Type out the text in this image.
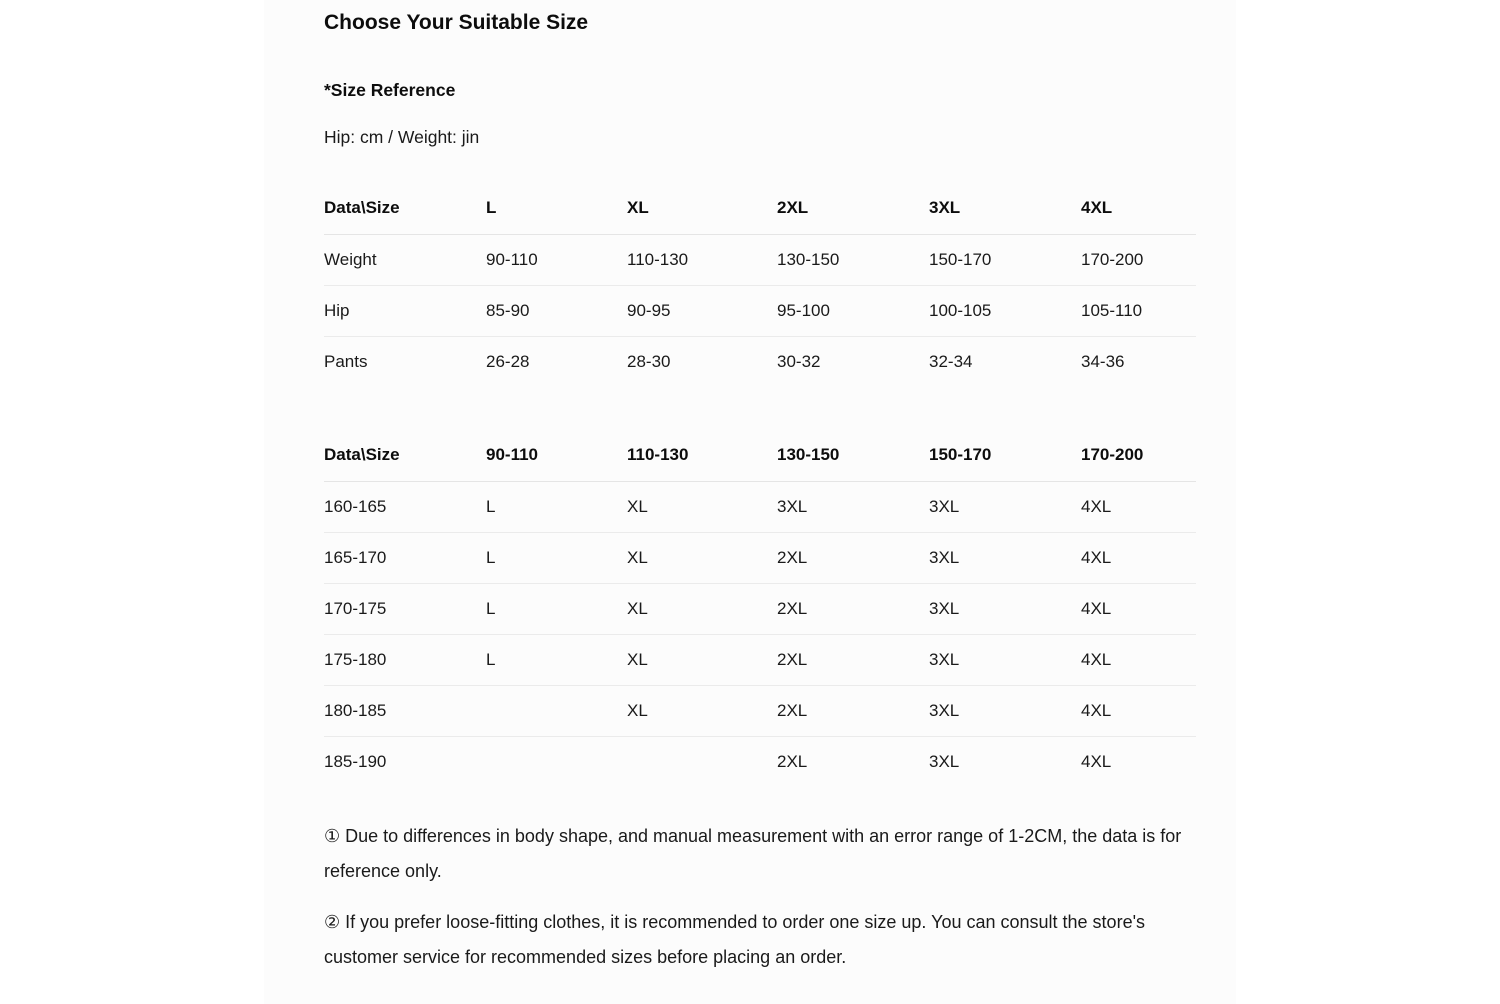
Choose Your Suitable Size
*Size Reference

Hip: cm / Weight: jin

Data\Size	L	XL	2XL	3XL	4XL
Weight	90-110	110-130	130-150	150-170	170-200
Hip	85-90	90-95	95-100	100-105	105-110
Pants	26-28	28-30	30-32	32-34	34-36
Data\Size	90-110	110-130	130-150	150-170	170-200
160-165	L	XL	3XL	3XL	4XL
165-170	L	XL	2XL	3XL	4XL
170-175	L	XL	2XL	3XL	4XL
175-180	L	XL	2XL	3XL	4XL
180-185		XL	2XL	3XL	4XL
185-190			2XL	3XL	4XL

① Due to differences in body shape, and manual measurement with an error range of 1-2CM, the data is for reference only.

② If you prefer loose-fitting clothes, it is recommended to order one size up. You can consult the store's customer service for recommended sizes before placing an order.
